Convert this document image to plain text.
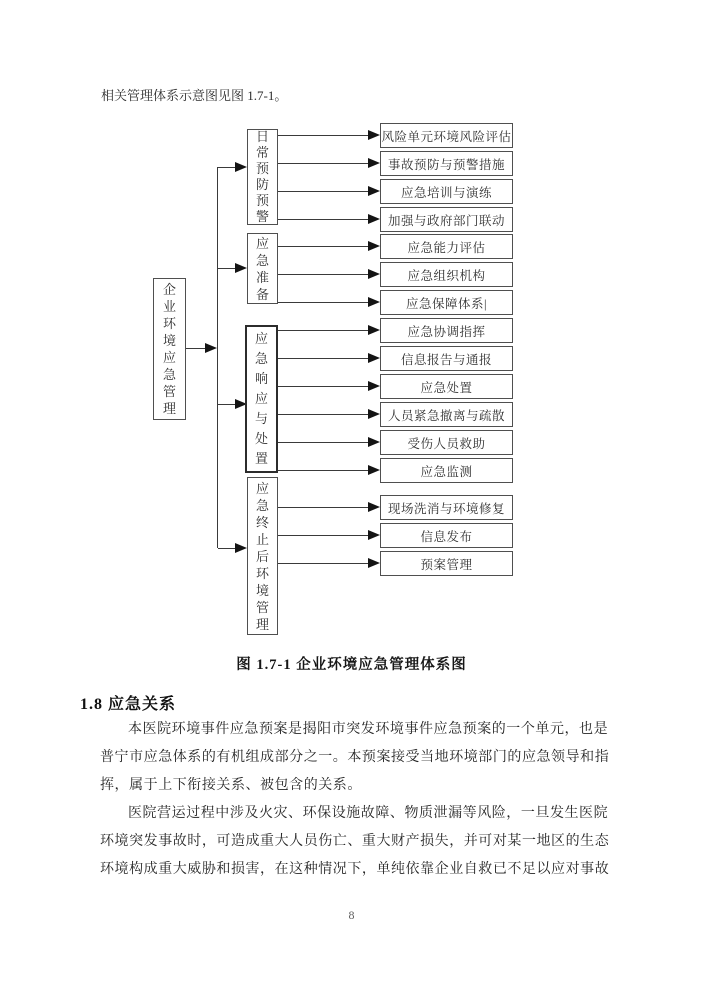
相关管理体系示意图见图 1.7-1。
企业环境应急管理
日常预防预警
应急准备
应急响应与处置
应急终止后环境管理
风险单元环境风险评估
事故预防与预警措施
应急培训与演练
加强与政府部门联动
应急能力评估
应急组织机构
应急保障体系|
应急协调指挥
信息报告与通报
应急处置
人员紧急撤离与疏散
受伤人员救助
应急监测
现场洗消与环境修复
信息发布
预案管理
图 1.7-1 企业环境应急管理体系图
1.8 应急关系
本医院环境事件应急预案是揭阳市突发环境事件应急预案的一个单元，也是
普宁市应急体系的有机组成部分之一。本预案接受当地环境部门的应急领导和指
挥，属于上下衔接关系、被包含的关系。
医院营运过程中涉及火灾、环保设施故障、物质泄漏等风险，一旦发生医院
环境突发事故时，可造成重大人员伤亡、重大财产损失，并可对某一地区的生态
环境构成重大威胁和损害，在这种情况下，单纯依靠企业自救已不足以应对事故
8
